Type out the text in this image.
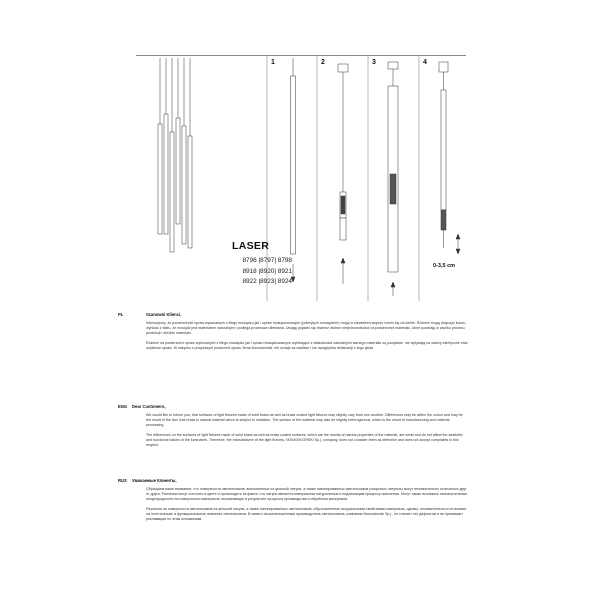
1	2	3	4
LASER
8796 |8797| 8798
8918 |8920| 8921
8922 |8923| 8924
0-3,5 cm
PL	Szanowni Klienci,

Informujemy, że powierzchnie opraw wykonanych z litego mosiądzu jak i opraw mosiądzowanych (polerytych mosiądzem) mogą w niewielkim stopniu różnić się od siebie. Różnice mogą dotyczyć koloru wynikać z faktu, że mosiądz jest materiałem naturalnym i podlega procesowi utleniania. Uwagę pojawić się również drobne niejednorodności na powierzchni materiału, które powstają w wyniku procesu produkcji i obróbki materiału.

Różnice na powierzchni opraw wykonanych z litego mosiądzu jak i opraw mosiądzowanych wynikające z właściwości naturalnych samego materiału są pożądane, nie wpływają na walory estetyczne oraz użytkowe opraw. W związku z powyższym producent opraw, firma Nowodvorski, nie uznaje za wadliwe i nie uwzględnia reklamacji z tego tytułu.

ENG Dear Customers,

We would like to inform you, that surfaces of light fixtures made of solid brass as well as brass coated light fixtures may slightly vary from one another. Differences may be within the colour and may be the result of the fact, that brass is natural material which is subject to oxidation. The surface of the material may also be slightly heterogenous, which is the result of manufacturing and material processing.

The differences on the surfaces of light fixtures made of solid brass as well as brass coated surfaces, which are the results of natural properties of the material, are small and do not affect the aesthetic and functional values of the luminaires. Therefore, the manufacturer of the light fixtures, NOWODVORSKI Sp.j. company, does not consider them as defective and does not accept complaints in this respect.

RUS Уважаемые Клиенты,

Обращаем ваше внимание, что поверхности светильников, выполненных из цельной латуни, а также патинированных светильников (покрытых латунью) могут незначительно отличаться друг от друга. Различия могут состоять в цвете и происходить из факта, что латунь является материалом натуральным и подлежащим процессу окисления. Могут также возникать незначительные неоднородности на поверхности материала, возникающие в результате процесса производства и обработки материала.

Различия на поверхности светильников из цельной латуни, а также патинированных светильников, обусловленные натуральными свойствами материала, однако, незначительны и не влияют на эстетические и функциональные значения светильников. В связи с вышеизложенным производитель светильников, компания Nowodvorski Sp.j., не считает это дефектом и не принимает рекламации по этим основаниям.
